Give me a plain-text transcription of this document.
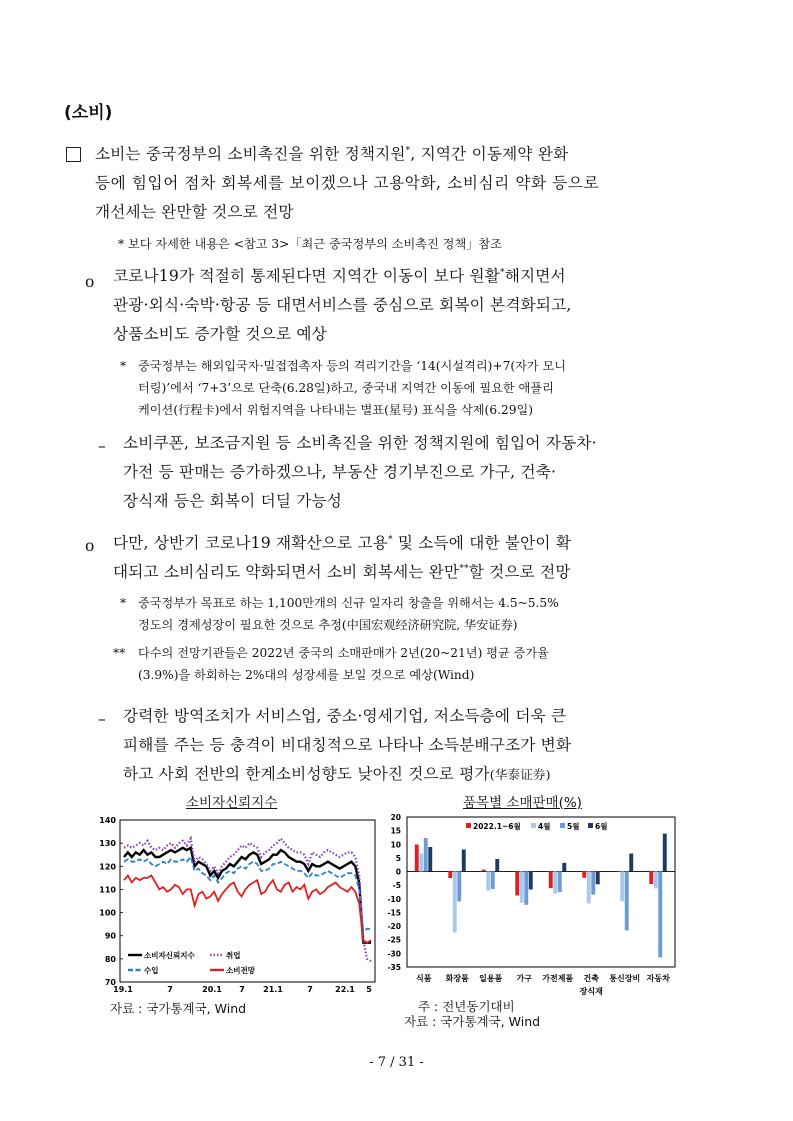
(소비)
소비는 중국정부의 소비촉진을 위한 정책지원*, 지역간 이동제약 완화
등에 힘입어 점차 회복세를 보이겠으나 고용악화, 소비심리 약화 등으로
개선세는 완만할 것으로 전망
* 보다 자세한 내용은 <참고 3>「최근 중국정부의 소비촉진 정책」참조
o 코로나19가 적절히 통제된다면 지역간 이동이 보다 원활*해지면서
관광·외식·숙박·항공 등 대면서비스를 중심으로 회복이 본격화되고,
상품소비도 증가할 것으로 예상
* 중국정부는 해외입국자·밀접접촉자 등의 격리기간을 ‘14(시설격리)+7(자가 모니
터링)’에서 ‘7+3’으로 단축(6.28일)하고, 중국내 지역간 이동에 필요한 애플리
케이션(行程卡)에서 위험지역을 나타내는 별표(星号) 표식을 삭제(6.29일)
– 소비쿠폰, 보조금지원 등 소비촉진을 위한 정책지원에 힘입어 자동차·
가전 등 판매는 증가하겠으나, 부동산 경기부진으로 가구, 건축·
장식재 등은 회복이 더딜 가능성
o 다만, 상반기 코로나19 재확산으로 고용* 및 소득에 대한 불안이 확
대되고 소비심리도 약화되면서 소비 회복세는 완만**할 것으로 전망
* 중국정부가 목표로 하는 1,100만개의 신규 일자리 창출을 위해서는 4.5~5.5%
정도의 경제성장이 필요한 것으로 추정(中国宏观经济研究院, 华安证券)
** 다수의 전망기관들은 2022년 중국의 소매판매가 2년(20~21년) 평균 증가율
(3.9%)을 하회하는 2%대의 성장세를 보일 것으로 예상(Wind)
– 강력한 방역조치가 서비스업, 중소·영세기업, 저소득층에 더욱 큰
피해를 주는 등 충격이 비대칭적으로 나타나 소득분배구조가 변화
하고 사회 전반의 한계소비성향도 낮아진 것으로 평가(华泰证券)
소비자신뢰지수
140
130
120
110
100
90
80
70
19.1	7	20.1 7 21.1	7	22.1 5
소비자신뢰지수	취업
수입	소비전망
자료 : 국가통계국, Wind
품목별 소매판매(%)
20
15
10
5
0
-5
-10
-15
-20
-25
-30
-35
식품 화장품 일용품 가구 가전제품 건축 통신장비 자동차
장식재
2022.1~6월 4월 5월 6월
주 : 전년동기대비
자료 : 국가통계국, Wind
- 7 / 31 -
